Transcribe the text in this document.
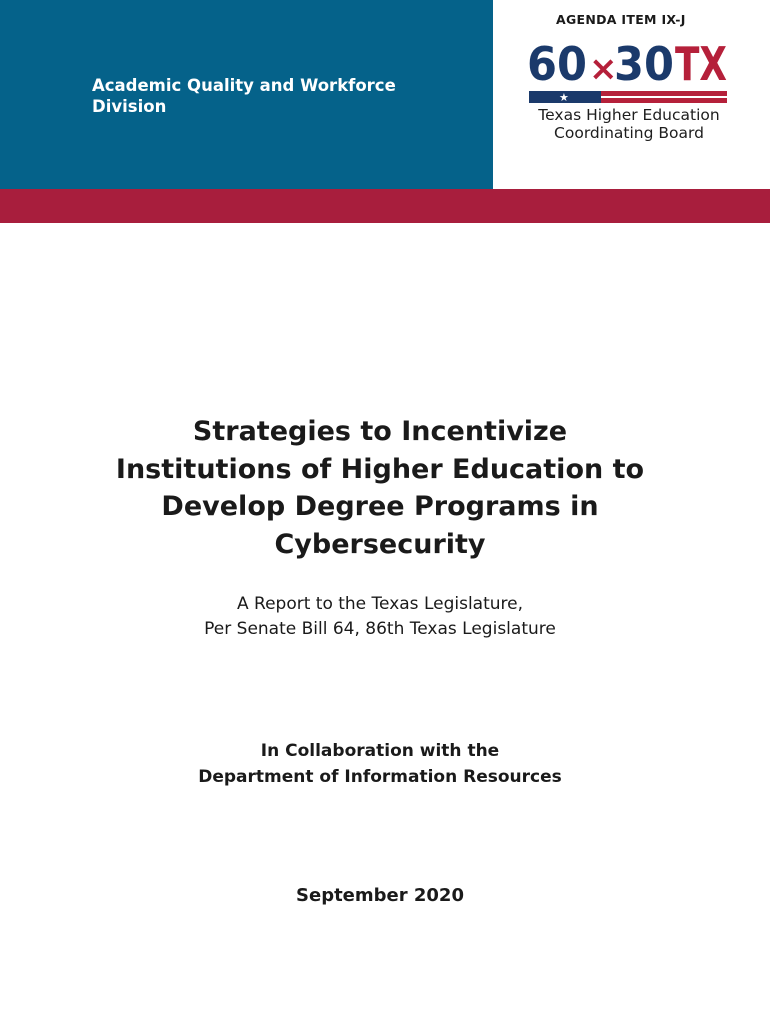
Academic Quality and Workforce
Division
AGENDA ITEM IX-J
60 ×
30 TX
★
Texas Higher Education
Coordinating Board
Strategies to Incentivize
Institutions of Higher Education to
Develop Degree Programs in
Cybersecurity
A Report to the Texas Legislature,
Per Senate Bill 64, 86th Texas Legislature
In Collaboration with the
Department of Information Resources
September 2020
